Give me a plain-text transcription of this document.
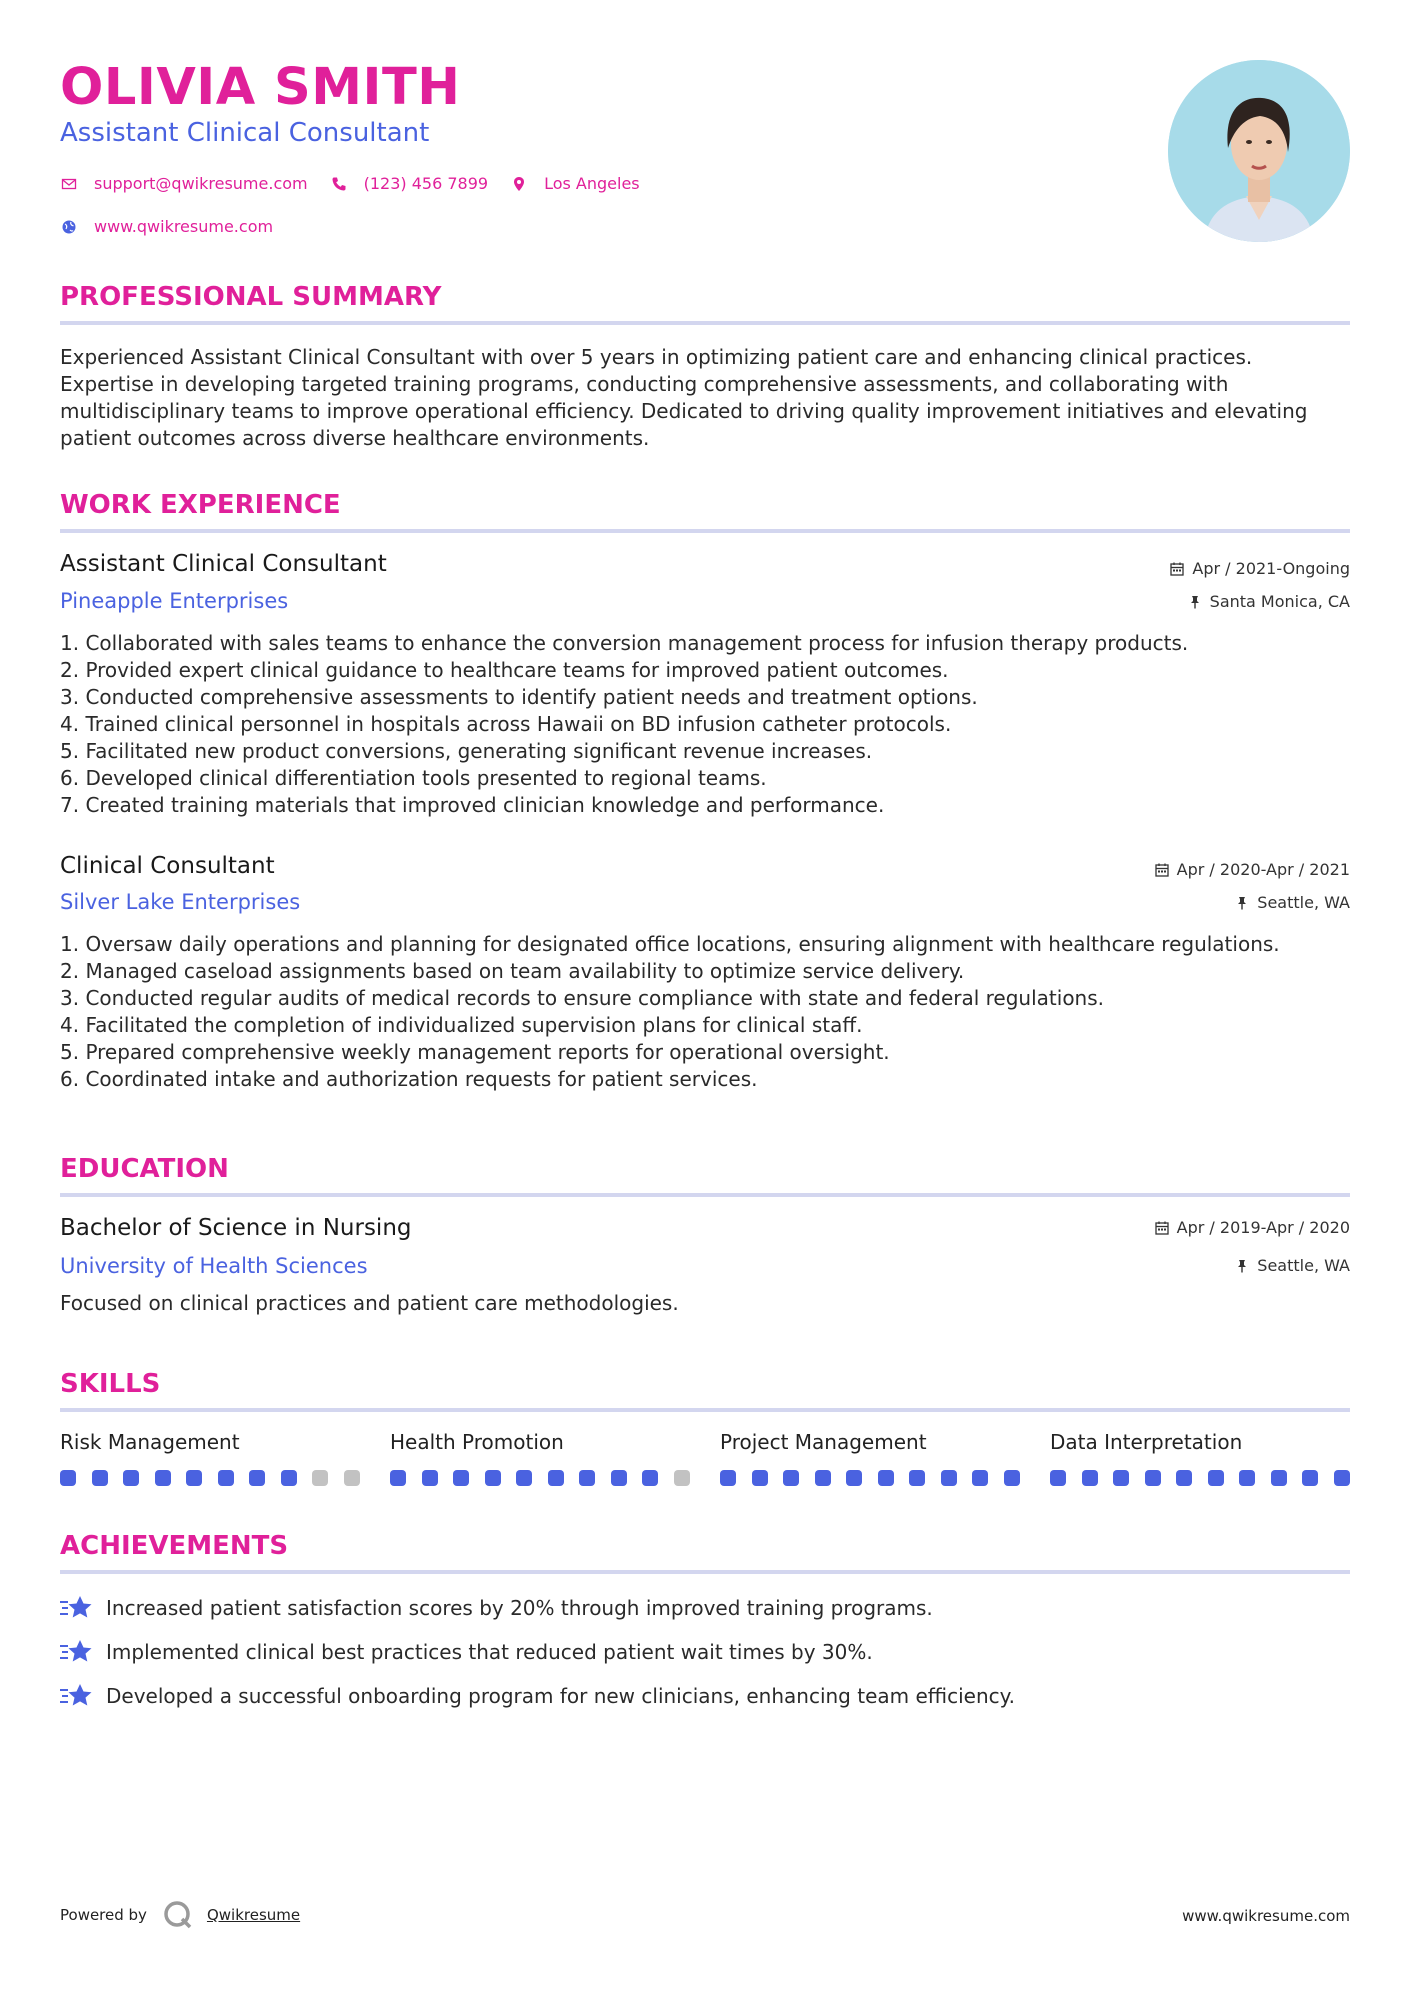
OLIVIA SMITH
Assistant Clinical Consultant
support@qwikresume.com	(123) 456 7899	Los Angeles
www.qwikresume.com
PROFESSIONAL SUMMARY
Experienced Assistant Clinical Consultant with over 5 years in optimizing patient care and enhancing clinical practices. Expertise in developing targeted training programs, conducting comprehensive assessments, and collaborating with multidisciplinary teams to improve operational efficiency. Dedicated to driving quality improvement initiatives and elevating patient outcomes across diverse healthcare environments.
WORK EXPERIENCE
Assistant Clinical Consultant	Apr / 2021-Ongoing
Pineapple Enterprises	Santa Monica, CA
1. Collaborated with sales teams to enhance the conversion management process for infusion therapy products.
2. Provided expert clinical guidance to healthcare teams for improved patient outcomes.
3. Conducted comprehensive assessments to identify patient needs and treatment options.
4. Trained clinical personnel in hospitals across Hawaii on BD infusion catheter protocols.
5. Facilitated new product conversions, generating significant revenue increases.
6. Developed clinical differentiation tools presented to regional teams.
7. Created training materials that improved clinician knowledge and performance.
Clinical Consultant	Apr / 2020-Apr / 2021
Silver Lake Enterprises	Seattle, WA
1. Oversaw daily operations and planning for designated office locations, ensuring alignment with healthcare regulations.
2. Managed caseload assignments based on team availability to optimize service delivery.
3. Conducted regular audits of medical records to ensure compliance with state and federal regulations.
4. Facilitated the completion of individualized supervision plans for clinical staff.
5. Prepared comprehensive weekly management reports for operational oversight.
6. Coordinated intake and authorization requests for patient services.
EDUCATION
Bachelor of Science in Nursing	Apr / 2019-Apr / 2020
University of Health Sciences	Seattle, WA
Focused on clinical practices and patient care methodologies.
SKILLS
Risk Management	Health Promotion	Project Management	Data Interpretation
ACHIEVEMENTS
Increased patient satisfaction scores by 20% through improved training programs.
Implemented clinical best practices that reduced patient wait times by 30%.
Developed a successful onboarding program for new clinicians, enhancing team efficiency.
Powered by	Qwikresume	www.qwikresume.com
